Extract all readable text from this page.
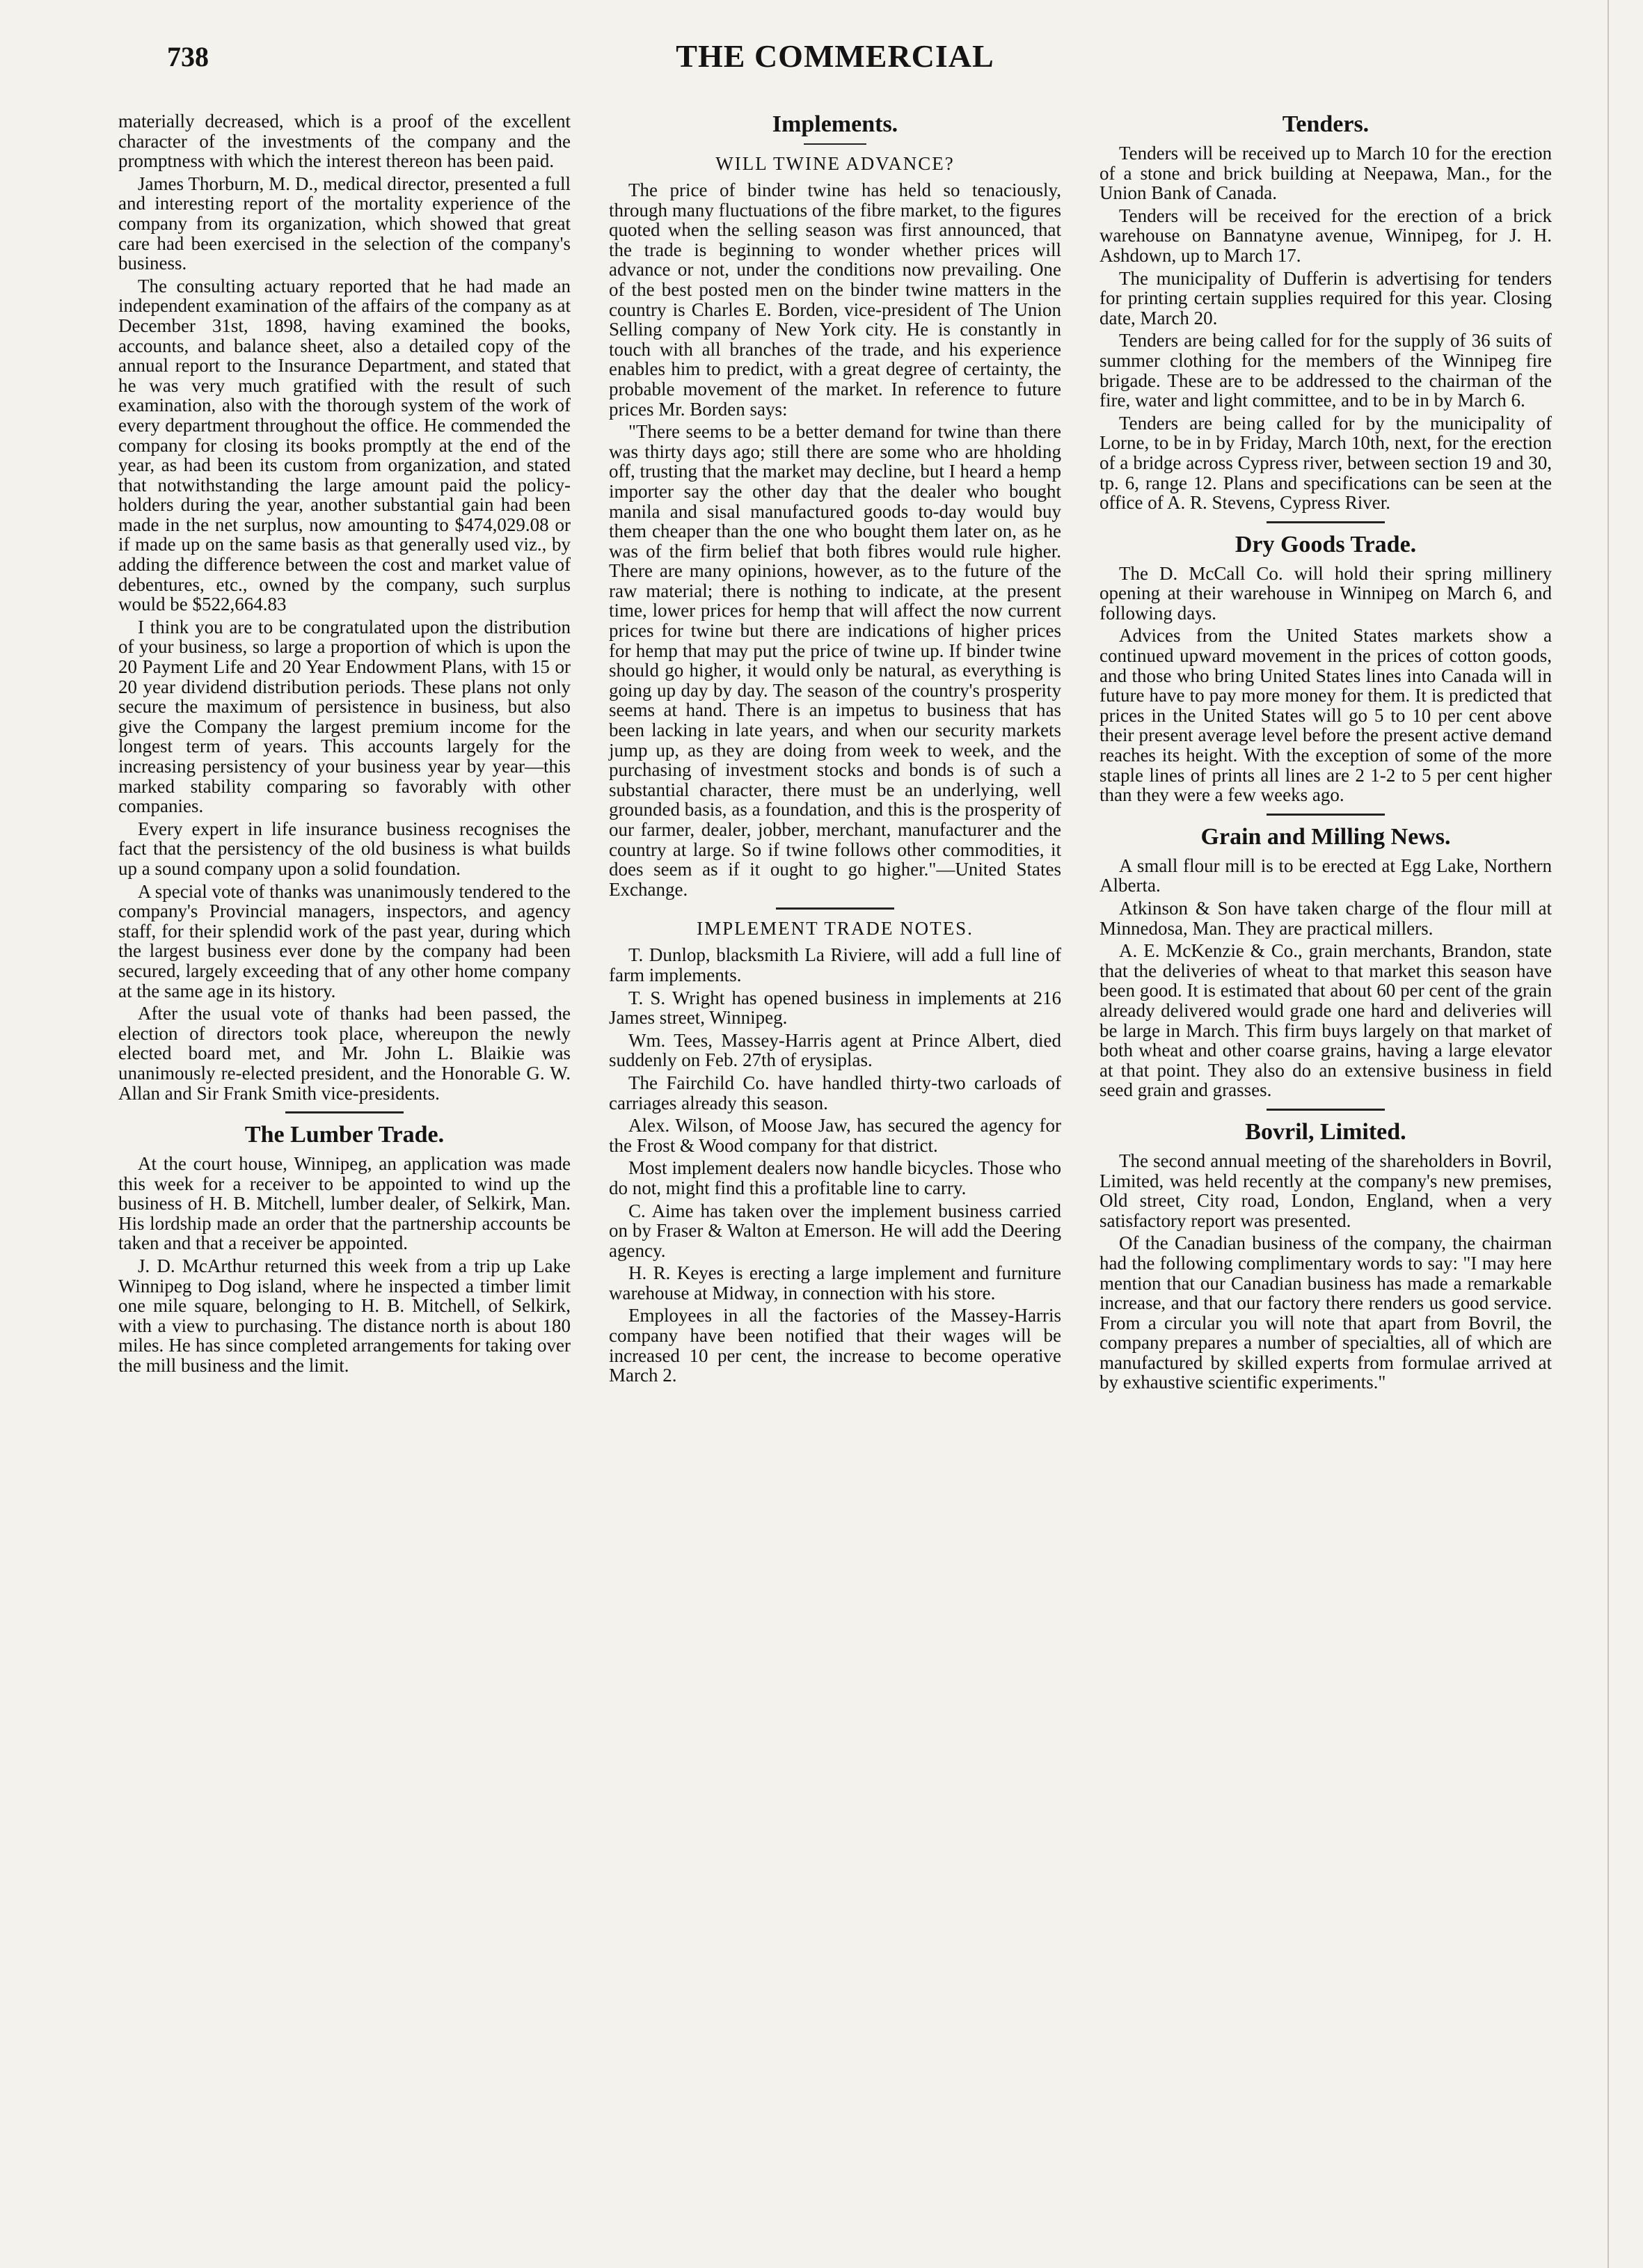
738	THE COMMERCIAL

materially decreased, which is a proof of the excellent character of the investments of the company and the promptness with which the interest thereon has been paid.

James Thorburn, M. D., medical director, presented a full and interesting report of the mortality experience of the company from its organization, which showed that great care had been exercised in the selection of the company's business.

The consulting actuary reported that he had made an independent examination of the affairs of the company as at December 31st, 1898, having examined the books, accounts, and balance sheet, also a detailed copy of the annual report to the Insurance Department, and stated that he was very much gratified with the result of such examination, also with the thorough system of the work of every department throughout the office. He commended the company for closing its books promptly at the end of the year, as had been its custom from organization, and stated that notwithstanding the large amount paid the policy-holders during the year, another substantial gain had been made in the net surplus, now amounting to $474,029.08 or if made up on the same basis as that generally used viz., by adding the difference between the cost and market value of debentures, etc., owned by the company, such surplus would be $522,664.83

I think you are to be congratulated upon the distribution of your business, so large a proportion of which is upon the 20 Payment Life and 20 Year Endowment Plans, with 15 or 20 year dividend distribution periods. These plans not only secure the maximum of persistence in business, but also give the Company the largest premium income for the longest term of years. This accounts largely for the increasing persistency of your business year by year—this marked stability comparing so favorably with other companies.

Every expert in life insurance business recognises the fact that the persistency of the old business is what builds up a sound company upon a solid foundation.

A special vote of thanks was unanimously tendered to the company's Provincial managers, inspectors, and agency staff, for their splendid work of the past year, during which the largest business ever done by the company had been secured, largely exceeding that of any other home company at the same age in its history.

After the usual vote of thanks had been passed, the election of directors took place, whereupon the newly elected board met, and Mr. John L. Blaikie was unanimously re-elected president, and the Honorable G. W. Allan and Sir Frank Smith vice-presidents.

The Lumber Trade.

At the court house, Winnipeg, an application was made this week for a receiver to be appointed to wind up the business of H. B. Mitchell, lumber dealer, of Selkirk, Man. His lordship made an order that the partnership accounts be taken and that a receiver be appointed.

J. D. McArthur returned this week from a trip up Lake Winnipeg to Dog island, where he inspected a timber limit one mile square, belonging to H. B. Mitchell, of Selkirk, with a view to purchasing. The distance north is about 180 miles. He has since completed arrangements for taking over the mill business and the limit.

Implements.
WILL TWINE ADVANCE?

The price of binder twine has held so tenaciously, through many fluctuations of the fibre market, to the figures quoted when the selling season was first announced, that the trade is beginning to wonder whether prices will advance or not, under the conditions now prevailing. One of the best posted men on the binder twine matters in the country is Charles E. Borden, vice-president of The Union Selling company of New York city. He is constantly in touch with all branches of the trade, and his experience enables him to predict, with a great degree of certainty, the probable movement of the market. In reference to future prices Mr. Borden says:

"There seems to be a better demand for twine than there was thirty days ago; still there are some who are hholding off, trusting that the market may decline, but I heard a hemp importer say the other day that the dealer who bought manila and sisal manufactured goods to-day would buy them cheaper than the one who bought them later on, as he was of the firm belief that both fibres would rule higher. There are many opinions, however, as to the future of the raw material; there is nothing to indicate, at the present time, lower prices for hemp that will affect the now current prices for twine but there are indications of higher prices for hemp that may put the price of twine up. If binder twine should go higher, it would only be natural, as everything is going up day by day. The season of the country's prosperity seems at hand. There is an impetus to business that has been lacking in late years, and when our security markets jump up, as they are doing from week to week, and the purchasing of investment stocks and bonds is of such a substantial character, there must be an underlying, well grounded basis, as a foundation, and this is the prosperity of our farmer, dealer, jobber, merchant, manufacturer and the country at large. So if twine follows other commodities, it does seem as if it ought to go higher."—United States Exchange.

IMPLEMENT TRADE NOTES.

T. Dunlop, blacksmith La Riviere, will add a full line of farm implements.

T. S. Wright has opened business in implements at 216 James street, Winnipeg.

Wm. Tees, Massey-Harris agent at Prince Albert, died suddenly on Feb. 27th of erysiplas.

The Fairchild Co. have handled thirty-two carloads of carriages already this season.

Alex. Wilson, of Moose Jaw, has secured the agency for the Frost & Wood company for that district.

Most implement dealers now handle bicycles. Those who do not, might find this a profitable line to carry.

C. Aime has taken over the implement business carried on by Fraser & Walton at Emerson. He will add the Deering agency.

H. R. Keyes is erecting a large implement and furniture warehouse at Midway, in connection with his store.

Employees in all the factories of the Massey-Harris company have been notified that their wages will be increased 10 per cent, the increase to become operative March 2.

Tenders.

Tenders will be received up to March 10 for the erection of a stone and brick building at Neepawa, Man., for the Union Bank of Canada.

Tenders will be received for the erection of a brick warehouse on Bannatyne avenue, Winnipeg, for J. H. Ashdown, up to March 17.

The municipality of Dufferin is advertising for tenders for printing certain supplies required for this year. Closing date, March 20.

Tenders are being called for for the supply of 36 suits of summer clothing for the members of the Winnipeg fire brigade. These are to be addressed to the chairman of the fire, water and light committee, and to be in by March 6.

Tenders are being called for by the municipality of Lorne, to be in by Friday, March 10th, next, for the erection of a bridge across Cypress river, between section 19 and 30, tp. 6, range 12. Plans and specifications can be seen at the office of A. R. Stevens, Cypress River.

Dry Goods Trade.

The D. McCall Co. will hold their spring millinery opening at their warehouse in Winnipeg on March 6, and following days.

Advices from the United States markets show a continued upward movement in the prices of cotton goods, and those who bring United States lines into Canada will in future have to pay more money for them. It is predicted that prices in the United States will go 5 to 10 per cent above their present average level before the present active demand reaches its height. With the exception of some of the more staple lines of prints all lines are 2 1-2 to 5 per cent higher than they were a few weeks ago.

Grain and Milling News.

A small flour mill is to be erected at Egg Lake, Northern Alberta.

Atkinson & Son have taken charge of the flour mill at Minnedosa, Man. They are practical millers.

A. E. McKenzie & Co., grain merchants, Brandon, state that the deliveries of wheat to that market this season have been good. It is estimated that about 60 per cent of the grain already delivered would grade one hard and deliveries will be large in March. This firm buys largely on that market of both wheat and other coarse grains, having a large elevator at that point. They also do an extensive business in field seed grain and grasses.

Bovril, Limited.

The second annual meeting of the shareholders in Bovril, Limited, was held recently at the company's new premises, Old street, City road, London, England, when a very satisfactory report was presented.

Of the Canadian business of the company, the chairman had the following complimentary words to say: "I may here mention that our Canadian business has made a remarkable increase, and that our factory there renders us good service. From a circular you will note that apart from Bovril, the company prepares a number of specialties, all of which are manufactured by skilled experts from formulae arrived at by exhaustive scientific experiments."
